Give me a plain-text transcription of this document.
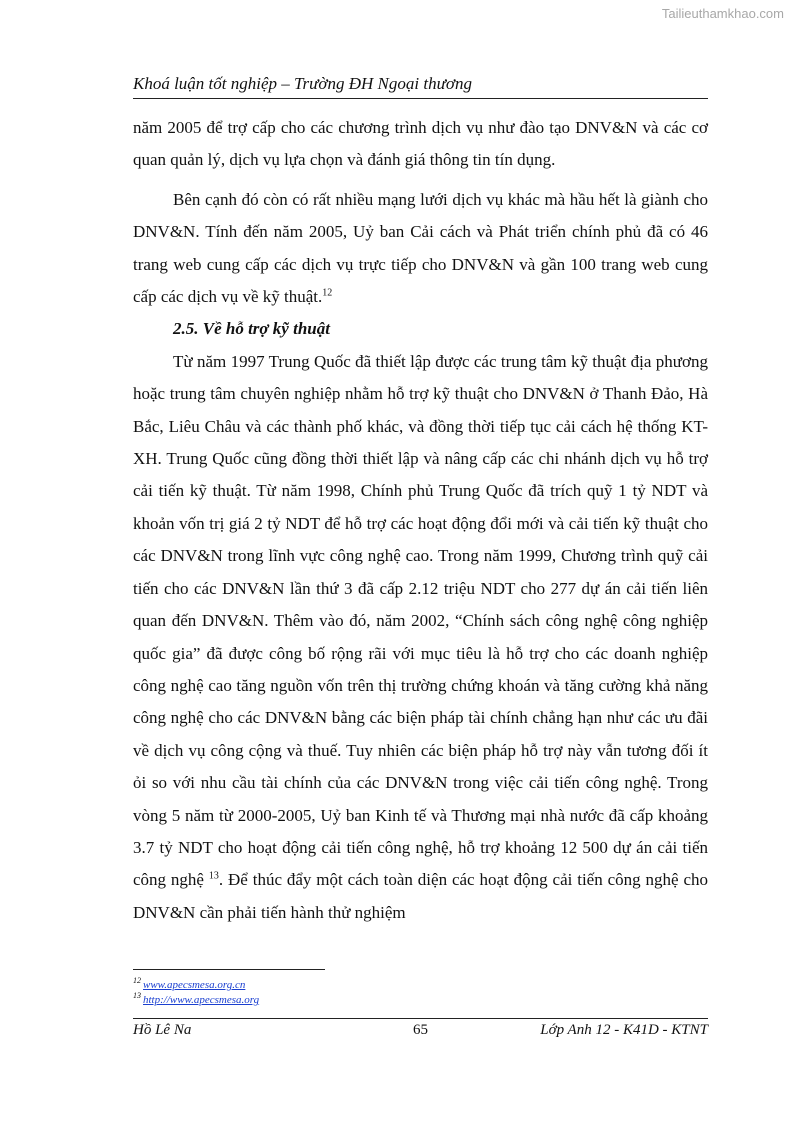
Tailieuthamkhao.com
Khoá luận tốt nghiệp – Trường ĐH Ngoại thương

năm 2005 để trợ cấp cho các chương trình dịch vụ như đào tạo DNV&N và các cơ quan quản lý, dịch vụ lựa chọn và đánh giá thông tin tín dụng.

Bên cạnh đó còn có rất nhiều mạng lưới dịch vụ khác mà hầu hết là giành cho DNV&N. Tính đến năm 2005, Uỷ ban Cải cách và Phát triển chính phủ đã có 46 trang web cung cấp các dịch vụ trực tiếp cho DNV&N và gần 100 trang web cung cấp các dịch vụ về kỹ thuật.$^{12}$

2.5. Về hỗ trợ kỹ thuật

Từ năm 1997 Trung Quốc đã thiết lập được các trung tâm kỹ thuật địa phương hoặc trung tâm chuyên nghiệp nhằm hỗ trợ kỹ thuật cho DNV&N ở Thanh Đảo, Hà Bắc, Liêu Châu và các thành phố khác, và đồng thời tiếp tục cải cách hệ thống KT-XH. Trung Quốc cũng đồng thời thiết lập và nâng cấp các chi nhánh dịch vụ hỗ trợ cải tiến kỹ thuật. Từ năm 1998, Chính phủ Trung Quốc đã trích quỹ 1 tỷ NDT và khoản vốn trị giá 2 tỷ NDT để hỗ trợ các hoạt động đổi mới và cải tiến kỹ thuật cho các DNV&N trong lĩnh vực công nghệ cao. Trong năm 1999, Chương trình quỹ cải tiến cho các DNV&N lần thứ 3 đã cấp 2.12 triệu NDT cho 277 dự án cải tiến liên quan đến DNV&N. Thêm vào đó, năm 2002, “Chính sách công nghệ công nghiệp quốc gia” đã được công bố rộng rãi với mục tiêu là hỗ trợ cho các doanh nghiệp công nghệ cao tăng nguồn vốn trên thị trường chứng khoán và tăng cường khả năng công nghệ cho các DNV&N bằng các biện pháp tài chính chẳng hạn như các ưu đãi về dịch vụ công cộng và thuế. Tuy nhiên các biện pháp hỗ trợ này vẫn tương đối ít ỏi so với nhu cầu tài chính của các DNV&N trong việc cải tiến công nghệ. Trong vòng 5 năm từ 2000-2005, Uỷ ban Kinh tế và Thương mại nhà nước đã cấp khoảng 3.7 tỷ NDT cho hoạt động cải tiến công nghệ, hỗ trợ khoảng 12 500 dự án cải tiến công nghệ $^{13}$. Để thúc đẩy một cách toàn diện các hoạt động cải tiến công nghệ cho DNV&N cần phải tiến hành thử nghiệm

$^{12}$ www.apecsmesa.org.cn
$^{13}$ http://www.apecsmesa.org
Hồ Lê Na	65	Lớp Anh 12 - K41D - KTNT
